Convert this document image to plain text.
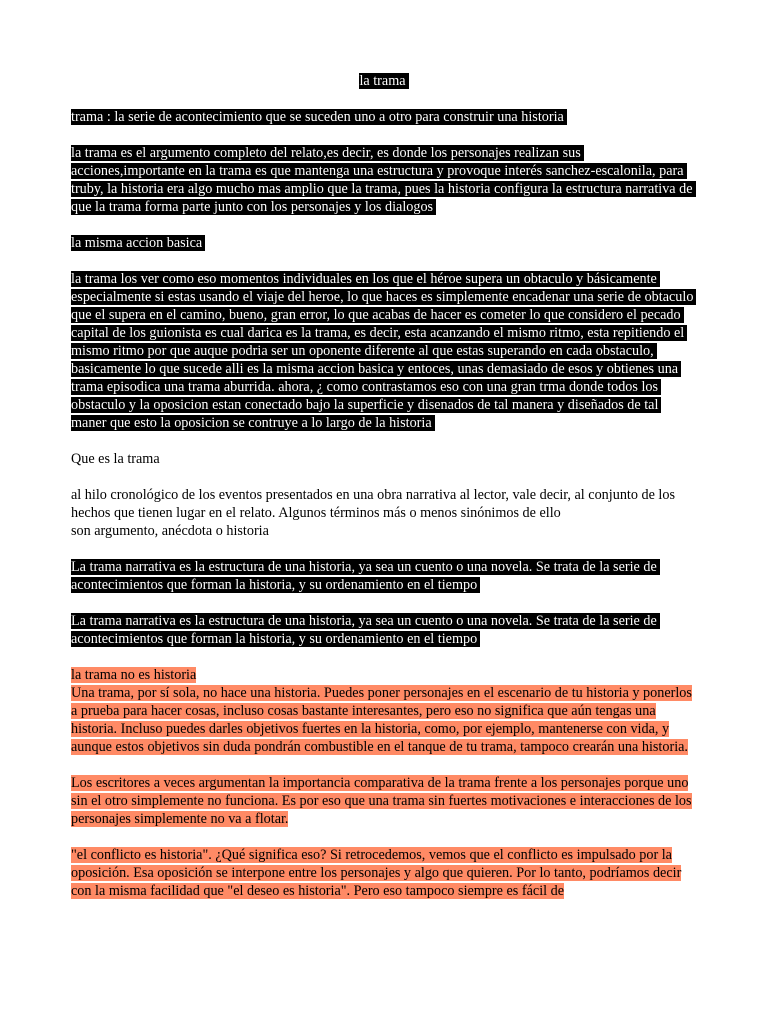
la trama

trama : la serie de acontecimiento que se suceden uno a otro para construir una historia

la trama es el argumento completo del relato,es decir, es donde los personajes realizan sus acciones,importante en la trama es que mantenga una estructura y provoque interés sanchez-escalonila, para truby, la historia era algo mucho mas amplio que la trama, pues la historia configura la estructura narrativa de que la trama forma parte junto con los personajes y los dialogos

la misma accion basica

la trama los ver como eso momentos individuales en los que el héroe supera un obtaculo y básicamente especialmente si estas usando el viaje del heroe, lo que haces es simplemente encadenar una serie de obtaculo que el supera en el camino, bueno, gran error, lo que acabas de hacer es cometer lo que considero el pecado capital de los guionista es cual darica es la trama, es decir, esta acanzando el mismo ritmo, esta repitiendo el mismo ritmo por que auque podria ser un oponente diferente al que estas superando en cada obstaculo, basicamente lo que sucede alli es la misma accion basica y entoces, unas demasiado de esos y obtienes una trama episodica una trama aburrida. ahora, ¿ como contrastamos eso con una gran trma donde todos los obstaculo y la oposicion estan conectado bajo la superficie y disenados de tal manera y diseñados de tal maner que esto la oposicion se contruye a lo largo de la historia

Que es la trama

al hilo cronológico de los eventos presentados en una obra narrativa al lector, vale decir, al conjunto de los hechos que tienen lugar en el relato. Algunos términos más o menos sinónimos de ello
son argumento, anécdota o historia

La trama narrativa es la estructura de una historia, ya sea un cuento o una novela. Se trata de la serie de acontecimientos que forman la historia, y su ordenamiento en el tiempo

La trama narrativa es la estructura de una historia, ya sea un cuento o una novela. Se trata de la serie de acontecimientos que forman la historia, y su ordenamiento en el tiempo

la trama no es historia
Una trama, por sí sola, no hace una historia. Puedes poner personajes en el escenario de tu historia y ponerlos a prueba para hacer cosas, incluso cosas bastante interesantes, pero eso no significa que aún tengas una historia. Incluso puedes darles objetivos fuertes en la historia, como, por ejemplo, mantenerse con vida, y aunque estos objetivos sin duda pondrán combustible en el tanque de tu trama, tampoco crearán una historia.

Los escritores a veces argumentan la importancia comparativa de la trama frente a los personajes porque uno sin el otro simplemente no funciona. Es por eso que una trama sin fuertes motivaciones e interacciones de los personajes simplemente no va a flotar.

"el conflicto es historia". ¿Qué significa eso? Si retrocedemos, vemos que el conflicto es impulsado por la oposición. Esa oposición se interpone entre los personajes y algo que quieren. Por lo tanto, podríamos decir con la misma facilidad que "el deseo es historia". Pero eso tampoco siempre es fácil de
